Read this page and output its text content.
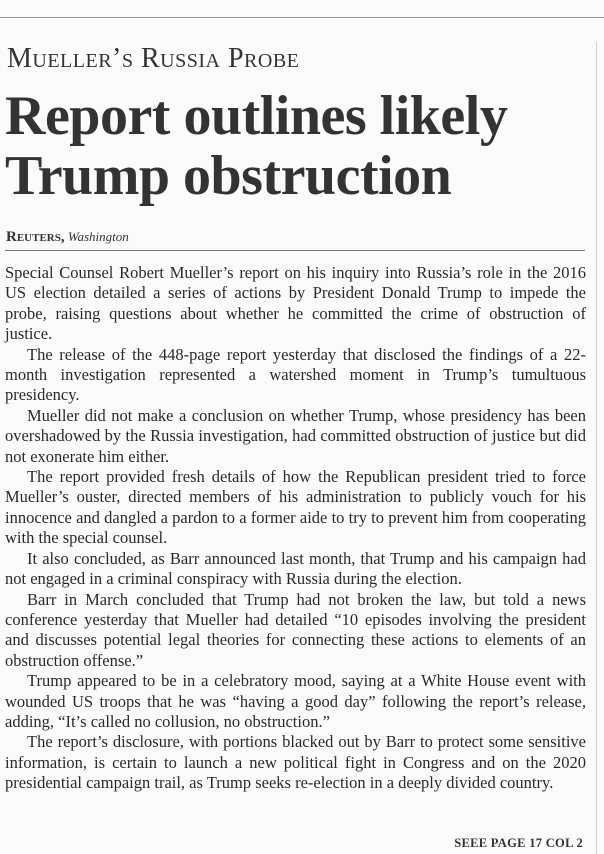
Mueller’s Russia Probe
Report outlines likely Trump obstruction
Reuters, Washington

Special Counsel Robert Mueller’s report on his inquiry into Russia’s role in the 2016 US election detailed a series of actions by President Donald Trump to impede the probe, raising questions about whether he committed the crime of obstruction of justice.

The release of the 448-page report yesterday that disclosed the findings of a 22-month investigation represented a watershed moment in Trump’s tumultuous presidency.

Mueller did not make a conclusion on whether Trump, whose presidency has been overshadowed by the Russia investigation, had committed obstruction of justice but did not exonerate him either.

The report provided fresh details of how the Republican president tried to force Mueller’s ouster, directed members of his administration to publicly vouch for his innocence and dangled a pardon to a former aide to try to prevent him from cooperating with the special counsel.

It also concluded, as Barr announced last month, that Trump and his campaign had not engaged in a criminal conspiracy with Russia during the election.

Barr in March concluded that Trump had not broken the law, but told a news conference yesterday that Mueller had detailed “10 episodes involving the president and discusses potential legal theories for connecting these actions to elements of an obstruction offense.”

Trump appeared to be in a celebratory mood, saying at a White House event with wounded US troops that he was “having a good day” following the report’s release, adding, “It’s called no collusion, no obstruction.”

The report’s disclosure, with portions blacked out by Barr to protect some sensitive information, is certain to launch a new political fight in Congress and on the 2020 presidential campaign trail, as Trump seeks re-election in a deeply divided country.

SEEE PAGE 17 COL 2
